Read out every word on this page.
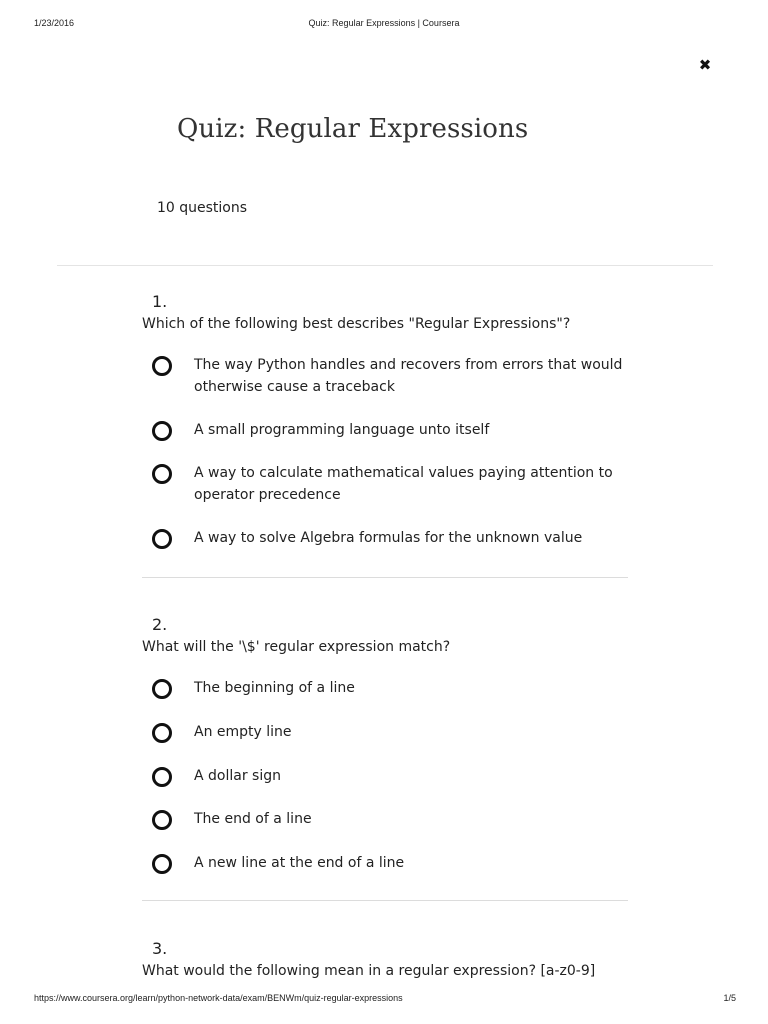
1/23/2016	Quiz: Regular Expressions | Coursera
✖
Quiz: Regular Expressions
10 questions
1.
Which of the following best describes "Regular Expressions"?
The way Python handles and recovers from errors that would otherwise cause a traceback
A small programming language unto itself
A way to calculate mathematical values paying attention to operator precedence
A way to solve Algebra formulas for the unknown value
2.
What will the '\$' regular expression match?
The beginning of a line
An empty line
A dollar sign
The end of a line
A new line at the end of a line
3.
What would the following mean in a regular expression? [a-z0-9]
https://www.coursera.org/learn/python-network-data/exam/BENWm/quiz-regular-expressions	1/5
